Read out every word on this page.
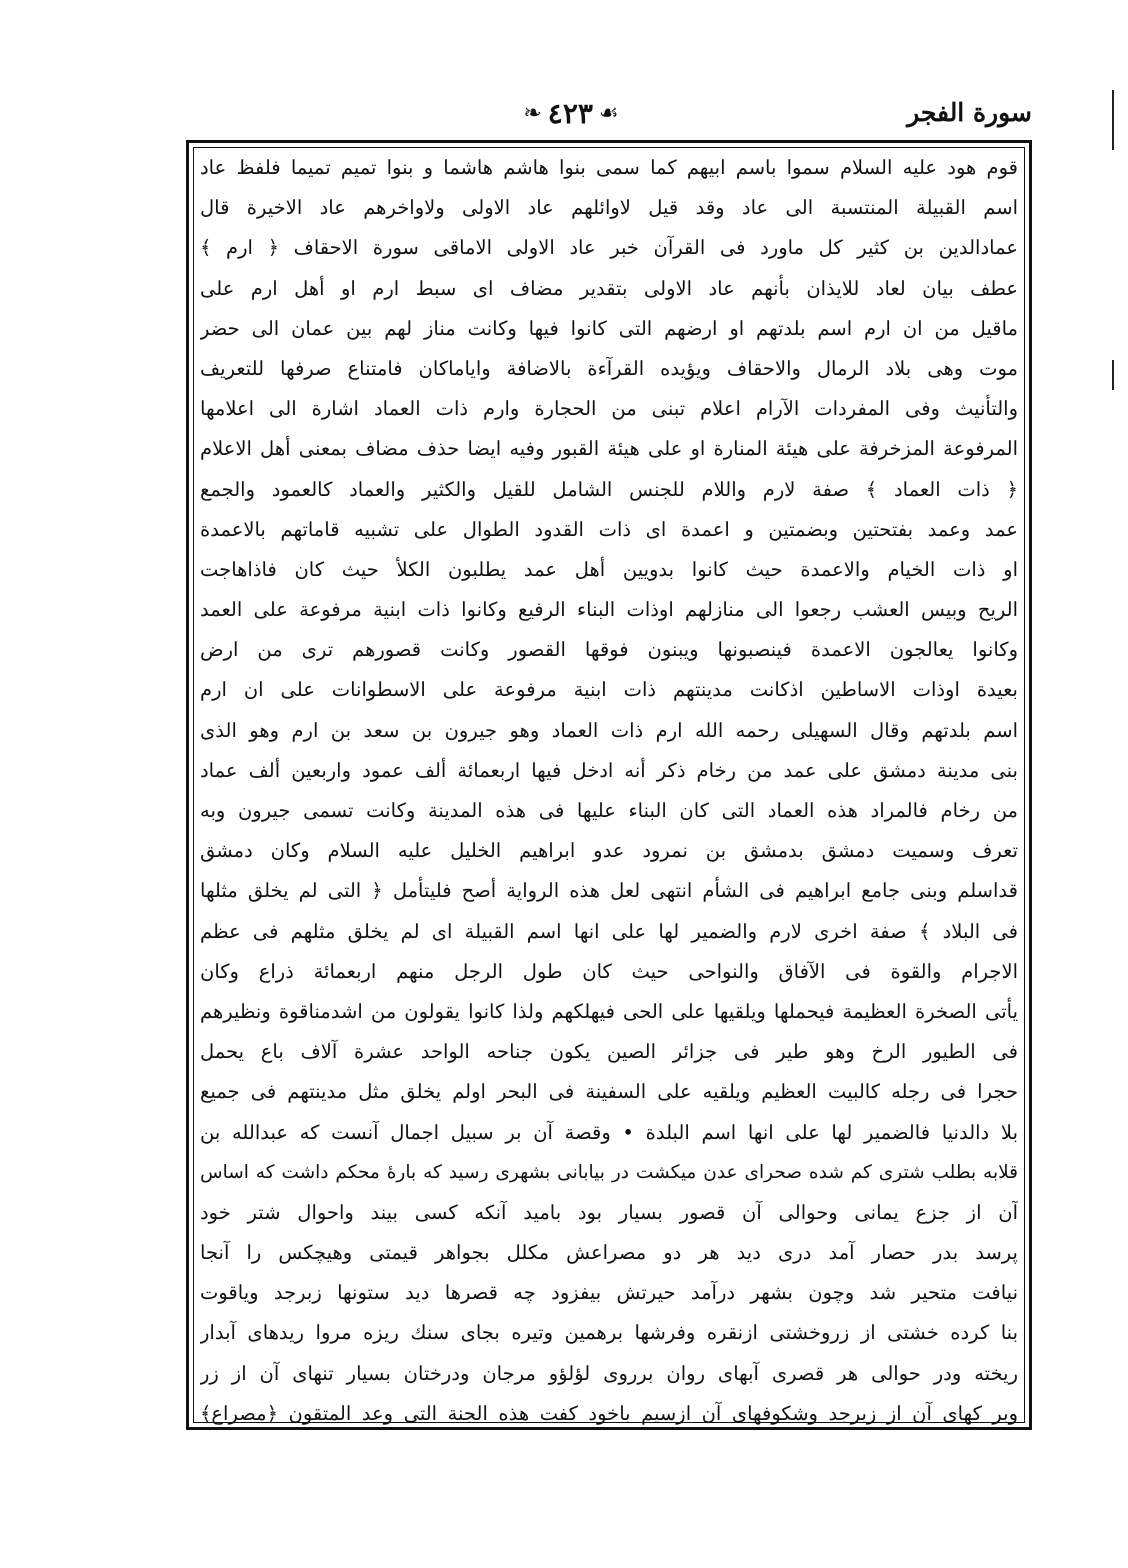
سورة الفجر
❧ ٤٢٣ ☙
قوم هود عليه السلام سموا باسم ابيهم كما سمى بنوا هاشم هاشما و بنوا تميم تميما فلفظ عاد
اسم القبيلة المنتسبة الى عاد وقد قيل لاوائلهم عاد الاولى ولاواخرهم عاد الاخيرة قال
عمادالدين بن كثير كل ماورد فى القرآن خبر عاد الاولى الاماقى سورة الاحقاف ﴿ ارم ﴾
عطف بيان لعاد للايذان بأنهم عاد الاولى بتقدير مضاف اى سبط ارم او أهل ارم على
ماقيل من ان ارم اسم بلدتهم او ارضهم التى كانوا فيها وكانت مناز لهم بين عمان الى حضر
موت وهى بلاد الرمال والاحقاف ويؤيده القرآءة بالاضافة واياماكان فامتناع صرفها للتعريف
والتأنيث وفى المفردات الآرام اعلام تبنى من الحجارة وارم ذات العماد اشارة الى اعلامها
المرفوعة المزخرفة على هيئة المنارة او على هيئة القبور وفيه ايضا حذف مضاف بمعنى أهل الاعلام
﴿ ذات العماد ﴾ صفة لارم واللام للجنس الشامل للقيل والكثير والعماد كالعمود والجمع
عمد وعمد بفتحتين وبضمتين و اعمدة اى ذات القدود الطوال على تشبيه قاماتهم بالاعمدة
او ذات الخيام والاعمدة حيث كانوا بدويين أهل عمد يطلبون الكلأ حيث كان فاذاهاجت
الريح وبيس العشب رجعوا الى منازلهم اوذات البناء الرفيع وكانوا ذات ابنية مرفوعة على العمد
وكانوا يعالجون الاعمدة فينصبونها ويبنون فوقها القصور وكانت قصورهم ترى من ارض
بعيدة اوذات الاساطين اذكانت مدينتهم ذات ابنية مرفوعة على الاسطوانات على ان ارم
اسم بلدتهم وقال السهيلى رحمه الله ارم ذات العماد وهو جيرون بن سعد بن ارم وهو الذى
بنى مدينة دمشق على عمد من رخام ذكر أنه ادخل فيها اربعمائة ألف عمود واربعين ألف عماد
من رخام فالمراد هذه العماد التى كان البناء عليها فى هذه المدينة وكانت تسمى جيرون وبه
تعرف وسميت دمشق بدمشق بن نمرود عدو ابراهيم الخليل عليه السلام وكان دمشق
قداسلم وبنى جامع ابراهيم فى الشأم انتهى لعل هذه الرواية أصح فليتأمل ﴿ التى لم يخلق مثلها
فى البلاد ﴾ صفة اخرى لارم والضمير لها على انها اسم القبيلة اى لم يخلق مثلهم فى عظم
الاجرام والقوة فى الآفاق والنواحى حيث كان طول الرجل منهم اربعمائة ذراع وكان
يأتى الصخرة العظيمة فيحملها ويلقيها على الحى فيهلكهم ولذا كانوا يقولون من اشدمناقوة ونظيرهم
فى الطيور الرخ وهو طير فى جزائر الصين يكون جناحه الواحد عشرة آلاف باع يحمل
حجرا فى رجله كالبيت العظيم ويلقيه على السفينة فى البحر اولم يخلق مثل مدينتهم فى جميع
بلا دالدنيا فالضمير لها على انها اسم البلدة • وقصة آن بر سبيل اجمال آنست كه عبدالله بن
قلابه بطلب شترى كم شده صحراى عدن ميكشت در بيابانى بشهرى رسيد كه بارهٔ محكم داشت كه اساس
آن از جزع يمانى وحوالى آن قصور بسيار بود باميد آنكه كسى بيند واحوال شتر خود
پرسد بدر حصار آمد درى ديد هر دو مصراعش مكلل بجواهر قيمتى وهيچكس را آنجا
نيافت متحير شد وچون بشهر درآمد حيرتش بيفزود چه قصرها ديد ستونها زبرجد وياقوت
بنا كرده خشتى از زروخشتى ازنقره وفرشها برهمين وتيره بجاى سنك ريزه مروا ريدهاى آبدار
ريخته ودر حوالى هر قصرى آبهاى روان برروى لؤلؤو مرجان ودرختان بسيار تنهاى آن از زر
وبر كهاى آن از زبرجد وشكوفهاى آن ازسيم باخود كفت هذه الجنة التى وعد المتقون ﴿مصراع﴾
